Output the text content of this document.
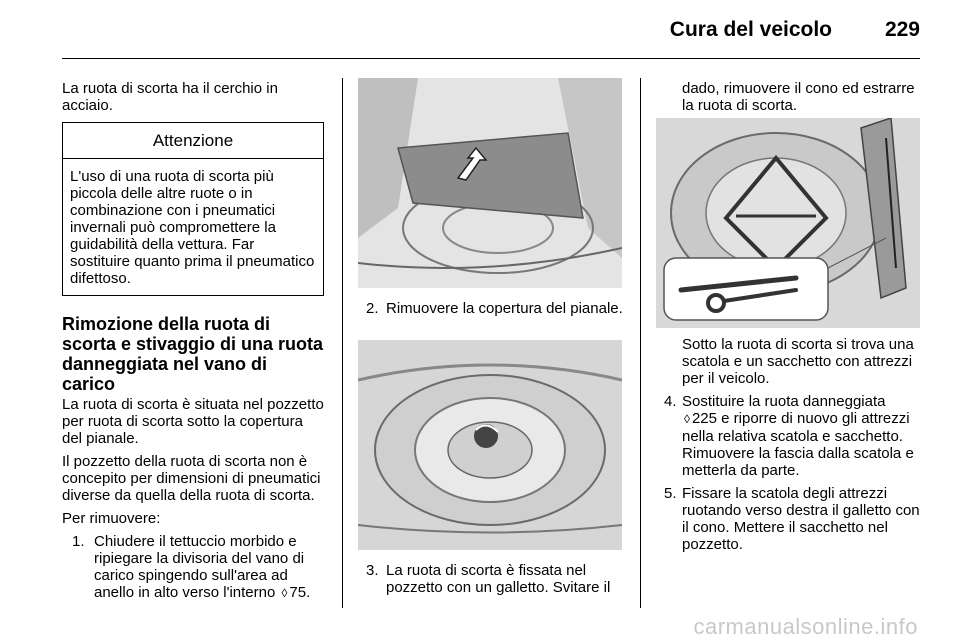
Cura del veicolo	229

La ruota di scorta ha il cerchio in acciaio.

Attenzione
L'uso di una ruota di scorta più piccola delle altre ruote o in combinazione con i pneumatici invernali può compromettere la guidabilità della vettura. Far sostituire quanto prima il pneumatico difettoso.
Rimozione della ruota di scorta e stivaggio di una ruota danneggiata nel vano di carico

La ruota di scorta è situata nel pozzetto per ruota di scorta sotto la copertura del pianale.

Il pozzetto della ruota di scorta non è concepito per dimensioni di pneumatici diverse da quella della ruota di scorta.

Per rimuovere:

1. Chiudere il tettuccio morbido e ripiegare la divisoria del vano di carico spingendo sull'area ad anello in alto verso l'interno ◊ 75.
2. Rimuovere la copertura del pianale.
3. La ruota di scorta è fissata nel pozzetto con un galletto. Svitare il

dado, rimuovere il cono ed estrarre la ruota di scorta.

Sotto la ruota di scorta si trova una scatola e un sacchetto con attrezzi per il veicolo.

4. Sostituire la ruota danneggiata
◊ 225 e riporre di nuovo gli attrezzi nella relativa scatola e sacchetto. Rimuovere la fascia dalla scatola e metterla da parte.
5. Fissare la scatola degli attrezzi ruotando verso destra il galletto con il cono. Mettere il sacchetto nel pozzetto.
carmanualsonline.info
